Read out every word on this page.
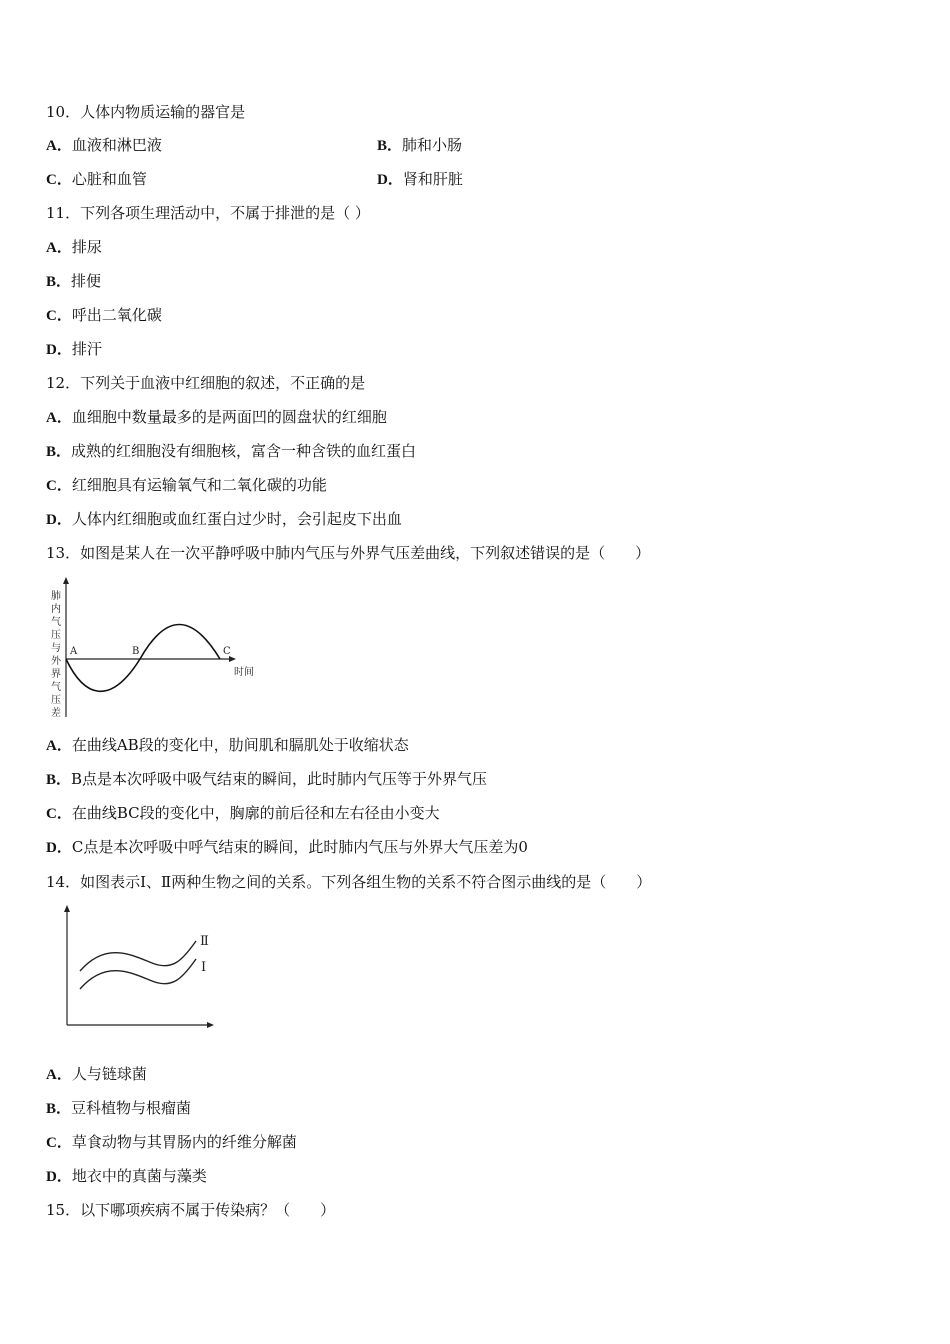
10．人体内物质运输的器官是
A．血液和淋巴液	B．肺和小肠
C．心脏和血管	D．肾和肝脏
11．下列各项生理活动中，不属于排泄的是（ ）
A．排尿
B．排便
C．呼出二氧化碳
D．排汗
12．下列关于血液中红细胞的叙述，不正确的是
A．血细胞中数量最多的是两面凹的圆盘状的红细胞
B．成熟的红细胞没有细胞核，富含一种含铁的血红蛋白
C．红细胞具有运输氧气和二氧化碳的功能
D．人体内红细胞或血红蛋白过少时，会引起皮下出血
13．如图是某人在一次平静呼吸中肺内气压与外界气压差曲线，下列叙述错误的是（　　）
肺
内
气
压
与
外
界
气
压
差
A	B	C
时间
A．在曲线AB段的变化中，肋间肌和膈肌处于收缩状态
B．B点是本次呼吸中吸气结束的瞬间，此时肺内气压等于外界气压
C．在曲线BC段的变化中，胸廓的前后径和左右径由小变大
D．C点是本次呼吸中呼气结束的瞬间，此时肺内气压与外界大气压差为0
14．如图表示Ⅰ、Ⅱ两种生物之间的关系。下列各组生物的关系不符合图示曲线的是（　　）
Ⅱ
Ⅰ
A．人与链球菌
B．豆科植物与根瘤菌
C．草食动物与其胃肠内的纤维分解菌
D．地衣中的真菌与藻类
15．以下哪项疾病不属于传染病？（　　）
